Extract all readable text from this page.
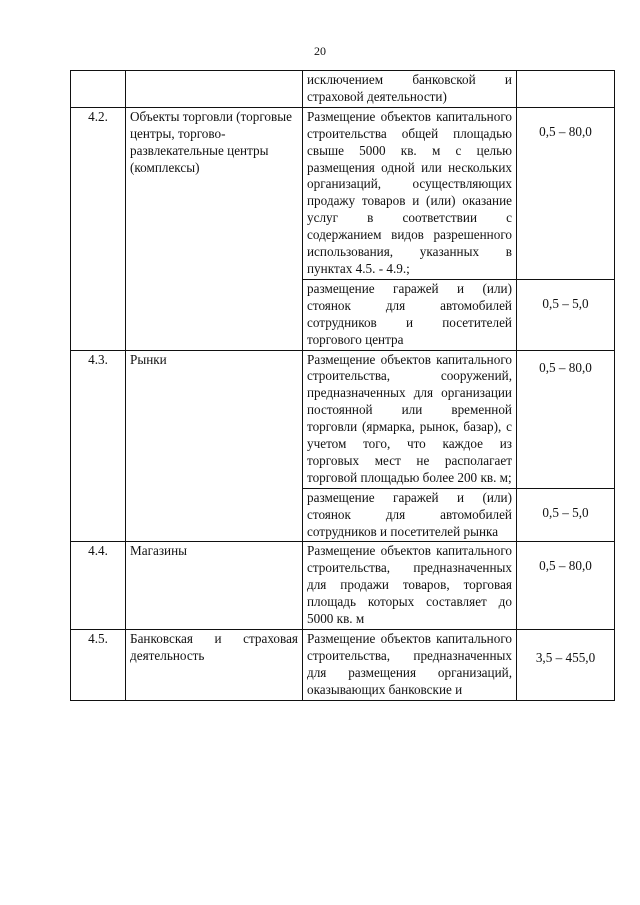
20
		исключением банковской и страховой деятельности)	

4.2.	Объекты торговли (торговые центры, торгово-развлекательные центры (комплексы)	Размещение объектов капитального строительства общей площадью свыше 5000 кв. м с целью размещения одной или нескольких организаций, осуществляющих продажу товаров и (или) оказание услуг в соответствии с содержанием видов разрешенного использования, указанных в пунктах 4.5. - 4.9.;	0,5 – 80,0

		размещение гаражей и (или) стоянок для автомобилей сотрудников и посетителей торгового центра	0,5 – 5,0

4.3.	Рынки	Размещение объектов капитального строительства, сооружений, предназначенных для организации постоянной или временной торговли (ярмарка, рынок, базар), с учетом того, что каждое из торговых мест не располагает торговой площадью более 200 кв. м;	0,5 – 80,0

		размещение гаражей и (или) стоянок для автомобилей сотрудников и посетителей рынка	0,5 – 5,0

4.4.	Магазины	Размещение объектов капитального строительства, предназначенных для продажи товаров, торговая площадь которых составляет до 5000 кв. м	0,5 – 80,0

4.5.	Банковская и страховая деятельность	Размещение объектов капитального строительства, предназначенных для размещения организаций, оказывающих банковские и	3,5 – 455,0
